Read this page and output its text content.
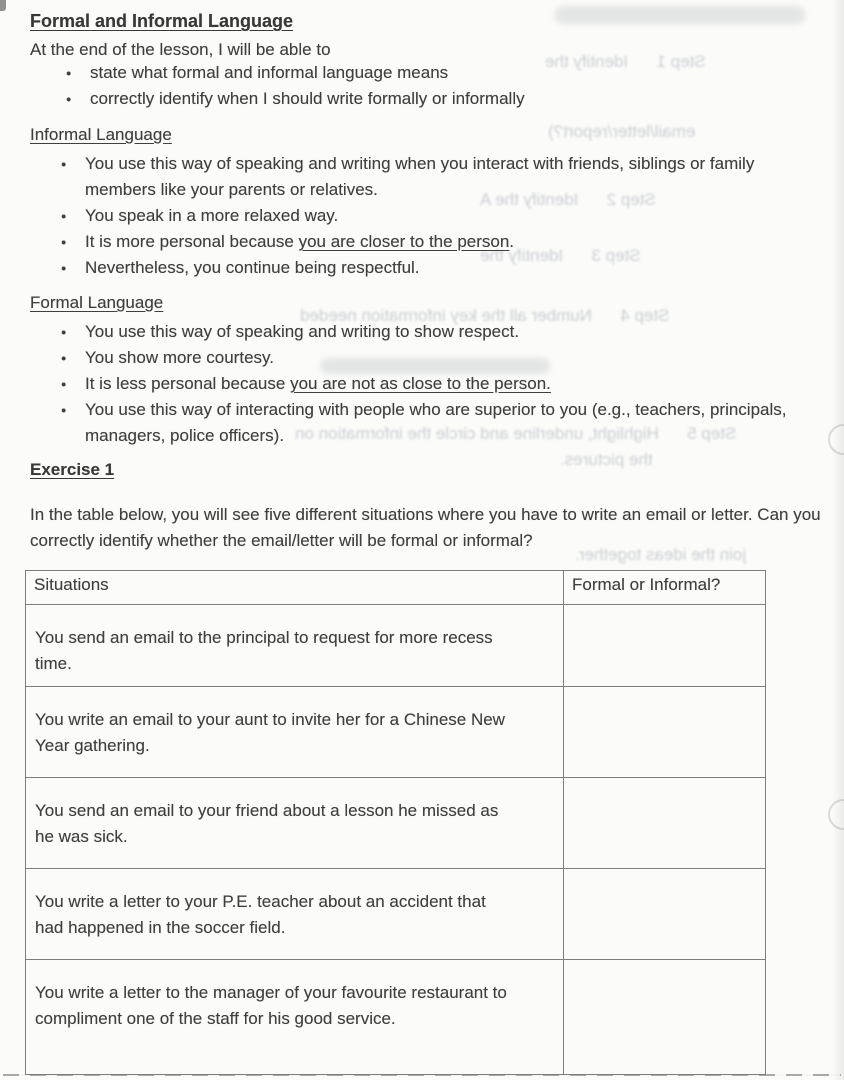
Step 1      Identify the
email/letter/report?)
Step 2      Identify the A
Step 3      Identify the
Step 4      Number all the key information needed
Step 5      Highlight, underline and circle the information on
the pictures.
join the ideas together.
Formal and Informal Language
At the end of the lesson, I will be able to
● state what formal and informal language means
● correctly identify when I should write formally or informally
Informal Language
● You use this way of speaking and writing when you interact with friends, siblings or family members like your parents or relatives.
● You speak in a more relaxed way.
● It is more personal because you are closer to the person.
● Nevertheless, you continue being respectful.
Formal Language
● You use this way of speaking and writing to show respect.
● You show more courtesy.
● It is less personal because you are not as close to the person.
● You use this way of interacting with people who are superior to you (e.g., teachers, principals, managers, police officers).
Exercise 1
In the table below, you will see five different situations where you have to write an email or letter. Can you correctly identify whether the email/letter will be formal or informal?
Situations	Formal or Informal?

You send an email to the principal to request for more recess time.	

You write an email to your aunt to invite her for a Chinese New Year gathering.	

You send an email to your friend about a lesson he missed as he was sick.	

You write a letter to your P.E. teacher about an accident that had happened in the soccer field.	

You write a letter to the manager of your favourite restaurant to compliment one of the staff for his good service.	
